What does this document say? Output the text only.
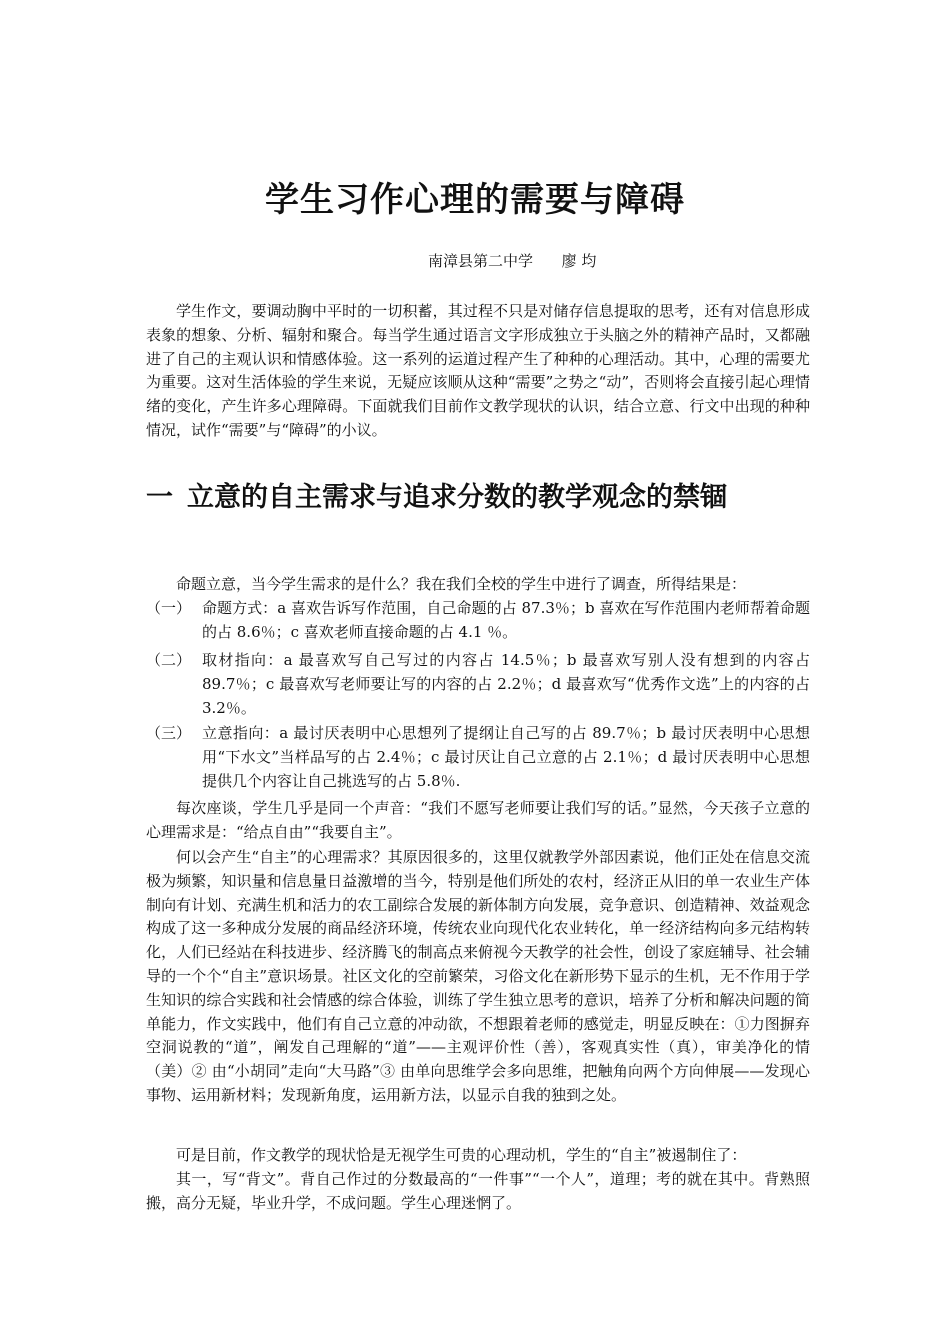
学生习作心理的需要与障碍
南漳县第二中学 廖 均

学生作文，要调动胸中平时的一切积蓄，其过程不只是对储存信息提取的思考，还有对信息形成表象的想象、分析、辐射和聚合。每当学生通过语言文字形成独立于头脑之外的精神产品时，又都融进了自己的主观认识和情感体验。这一系列的运道过程产生了种种的心理活动。其中，心理的需要尤为重要。这对生活体验的学生来说，无疑应该顺从这种“需要”之势之“动”，否则将会直接引起心理情绪的变化，产生许多心理障碍。下面就我们目前作文教学现状的认识，结合立意、行文中出现的种种情况，试作“需要”与“障碍”的小议。

一 立意的自主需求与追求分数的教学观念的禁锢

命题立意，当今学生需求的是什么？我在我们全校的学生中进行了调查，所得结果是：

（一） 命题方式：a 喜欢告诉写作范围，自己命题的占 87.3％；b 喜欢在写作范围内老师帮着命题的占 8.6％；c 喜欢老师直接命题的占 4.1 ％。
（二） 取材指向：a 最喜欢写自己写过的内容占 14.5％；b 最喜欢写别人没有想到的内容占 89.7％；c 最喜欢写老师要让写的内容的占 2.2％；d 最喜欢写“优秀作文选”上的内容的占 3.2％。
（三） 立意指向：a 最讨厌表明中心思想列了提纲让自己写的占 89.7％；b 最讨厌表明中心思想用“下水文”当样品写的占 2.4％；c 最讨厌让自己立意的占 2.1％；d 最讨厌表明中心思想提供几个内容让自己挑选写的占 5.8％.

每次座谈，学生几乎是同一个声音：“我们不愿写老师要让我们写的话。”显然，今天孩子立意的心理需求是：“给点自由”“我要自主”。

何以会产生“自主”的心理需求？其原因很多的，这里仅就教学外部因素说，他们正处在信息交流极为频繁，知识量和信息量日益激增的当今，特别是他们所处的农村，经济正从旧的单一农业生产体制向有计划、充满生机和活力的农工副综合发展的新体制方向发展，竞争意识、创造精神、效益观念构成了这一多种成分发展的商品经济环境，传统农业向现代化农业转化，单一经济结构向多元结构转化，人们已经站在科技进步、经济腾飞的制高点来俯视今天教学的社会性，创设了家庭辅导、社会辅导的一个个“自主”意识场景。社区文化的空前繁荣，习俗文化在新形势下显示的生机，无不作用于学生知识的综合实践和社会情感的综合体验，训练了学生独立思考的意识，培养了分析和解决问题的简单能力，作文实践中，他们有自己立意的冲动欲，不想跟着老师的感觉走，明显反映在：①力图摒弃空洞说教的“道”，阐发自己理解的“道”——主观评价性（善），客观真实性（真），审美净化的情（美）② 由“小胡同”走向“大马路”③ 由单向思维学会多向思维，把触角向两个方向伸展——发现心事物、运用新材料；发现新角度，运用新方法，以显示自我的独到之处。

可是目前，作文教学的现状恰是无视学生可贵的心理动机，学生的“自主”被遏制住了：

其一，写“背文”。背自己作过的分数最高的“一件事”“一个人”，道理；考的就在其中。背熟照搬，高分无疑，毕业升学，不成问题。学生心理迷惘了。
